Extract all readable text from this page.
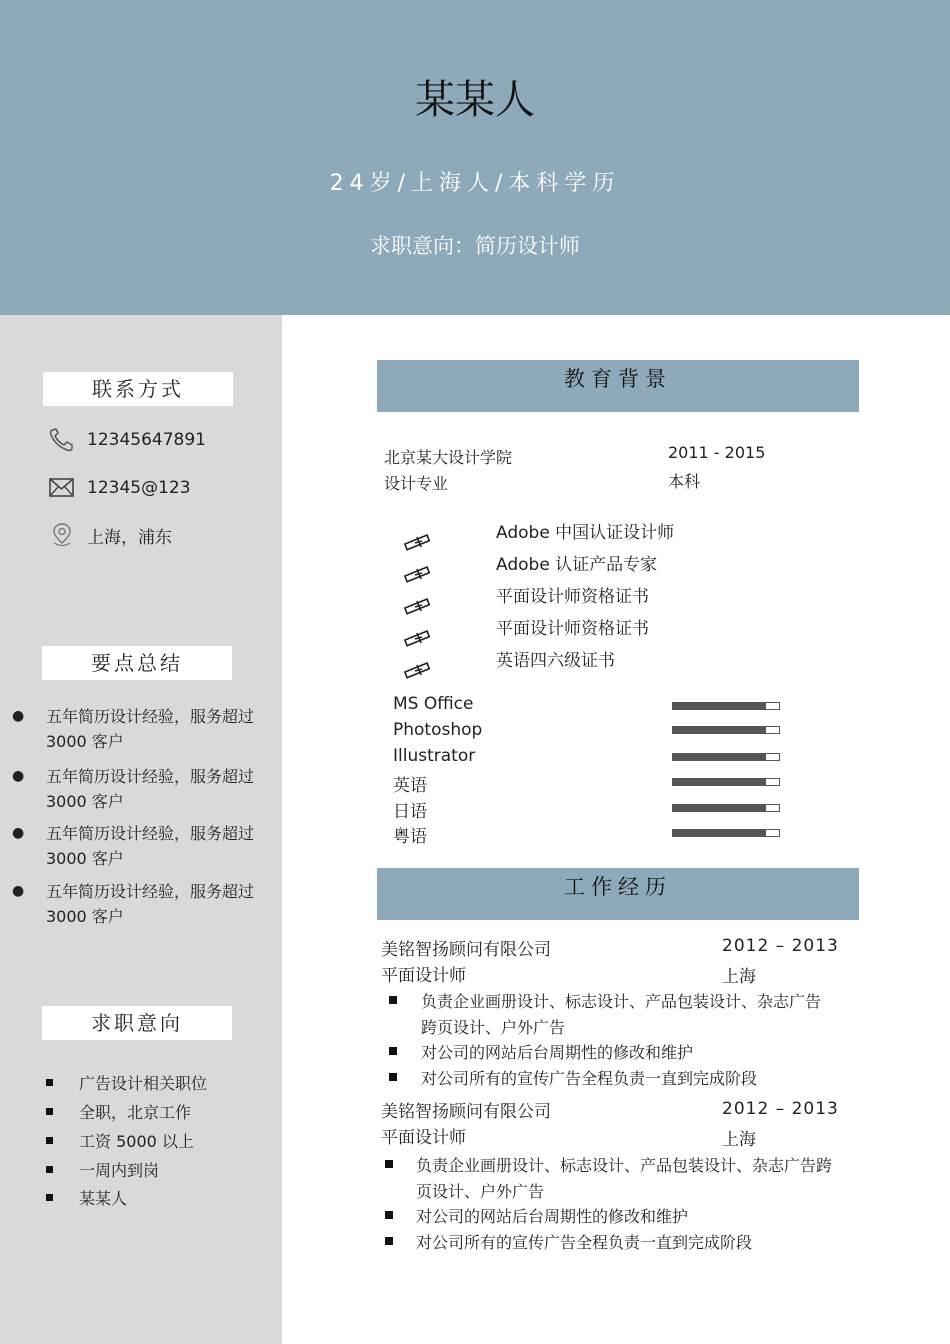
某某人
24岁/上海人/本科学历
求职意向：简历设计师
联系方式
12345647891
12345@123
上海，浦东
要点总结
● 五年简历设计经验，服务超过 3000 客户
● 五年简历设计经验，服务超过 3000 客户
● 五年简历设计经验，服务超过 3000 客户
● 五年简历设计经验，服务超过 3000 客户
求职意向
广告设计相关职位
全职，北京工作
工资 5000 以上
一周内到岗
某某人
教育背景
北京某大设计学院
设计专业
2011 - 2015
本科
Adobe 中国认证设计师
Adobe 认证产品专家
平面设计师资格证书
平面设计师资格证书
英语四六级证书
MS Office
Photoshop
Illustrator
英语
日语
粤语
工作经历
美铭智扬顾问有限公司
平面设计师
2012 – 2013
上海
负责企业画册设计、标志设计、产品包装设计、杂志广告跨页设计、户外广告
对公司的网站后台周期性的修改和维护
对公司所有的宣传广告全程负责一直到完成阶段
美铭智扬顾问有限公司
平面设计师
2012 – 2013
上海
负责企业画册设计、标志设计、产品包装设计、杂志广告跨页设计、户外广告
对公司的网站后台周期性的修改和维护
对公司所有的宣传广告全程负责一直到完成阶段
